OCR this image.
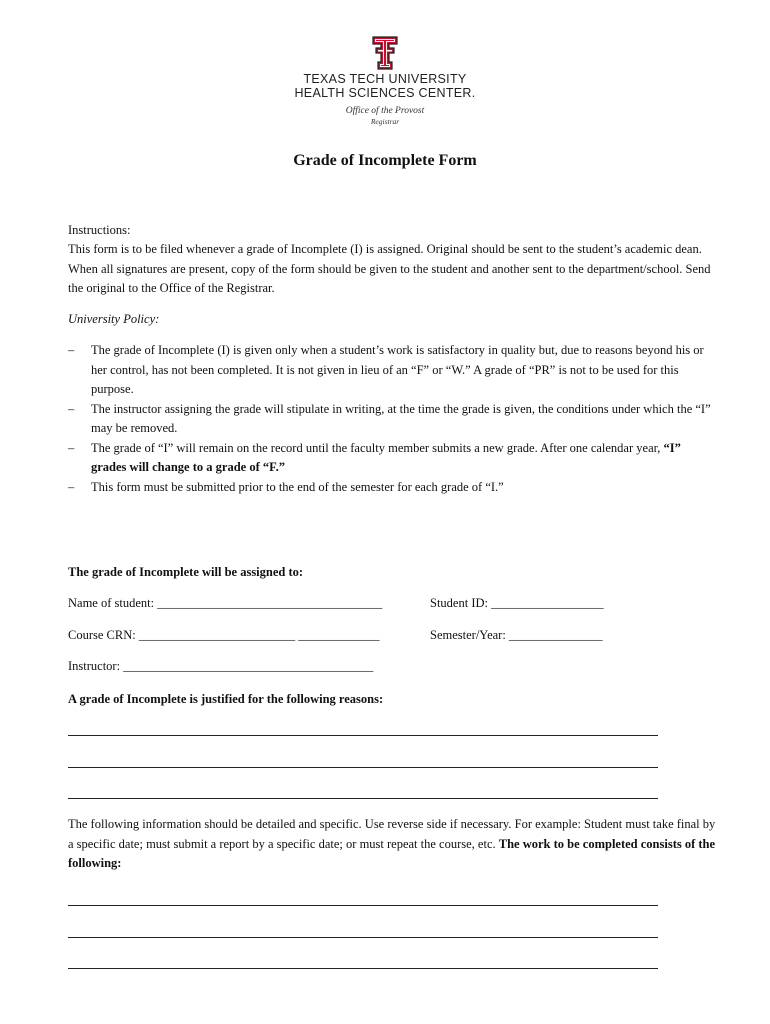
TEXAS TECH UNIVERSITY
HEALTH SCIENCES CENTER.
Office of the Provost
Registrar
Grade of Incomplete Form
Instructions:
This form is to be filed whenever a grade of Incomplete (I) is assigned. Original should be sent to the student’s academic dean. When all signatures are present, copy of the form should be given to the student and another sent to the department/school. Send the original to the Office of the Registrar.
University Policy:
– The grade of Incomplete (I) is given only when a student’s work is satisfactory in quality but, due to reasons beyond his or her control, has not been completed. It is not given in lieu of an “F” or “W.” A grade of “PR” is not to be used for this purpose.
– The instructor assigning the grade will stipulate in writing, at the time the grade is given, the conditions under which the “I” may be removed.
– The grade of “I” will remain on the record until the faculty member submits a new grade. After one calendar year, “I” grades will change to a grade of “F.”
– This form must be submitted prior to the end of the semester for each grade of “I.”
The grade of Incomplete will be assigned to:
Name of student: ____________________________________	Student ID: __________________
Course CRN: _________________________ _____________	Semester/Year: _______________
Instructor: ________________________________________
A grade of Incomplete is justified for the following reasons:
The following information should be detailed and specific. Use reverse side if necessary. For example: Student must take final by a specific date; must submit a report by a specific date; or must repeat the course, etc. The work to be completed consists of the following:
